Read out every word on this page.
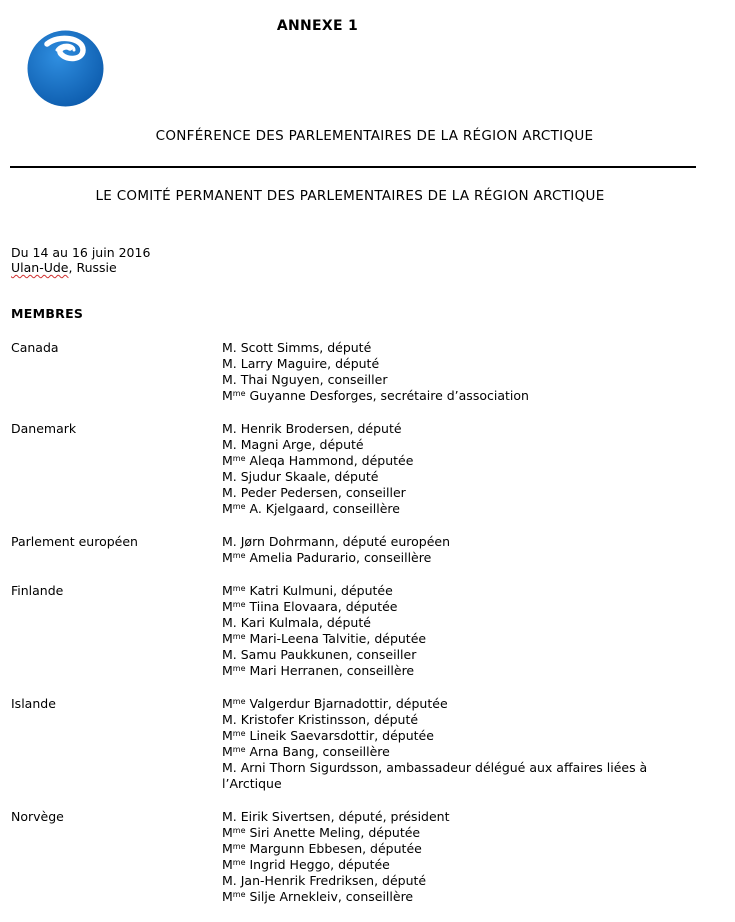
ANNEXE 1
CONFÉRENCE DES PARLEMENTAIRES DE LA RÉGION ARCTIQUE
LE COMITÉ PERMANENT DES PARLEMENTAIRES DE LA RÉGION ARCTIQUE
Du 14 au 16 juin 2016
Ulan-Ude, Russie
MEMBRES
Canada	M. Scott Simms, député
M. Larry Maguire, député
M. Thai Nguyen, conseiller
$M^{me}$ Guyanne Desforges, secrétaire d’association
Danemark	M. Henrik Brodersen, député
M. Magni Arge, député
$M^{me}$ Aleqa Hammond, députée
M. Sjudur Skaale, député
M. Peder Pedersen, conseiller
$M^{me}$ A. Kjelgaard, conseillère
Parlement européen	M. Jørn Dohrmann, député européen
$M^{me}$ Amelia Padurario, conseillère
Finlande	$M^{me}$ Katri Kulmuni, députée
$M^{me}$ Tiina Elovaara, députée
M. Kari Kulmala, député
$M^{me}$ Mari-Leena Talvitie, députée
M. Samu Paukkunen, conseiller
$M^{me}$ Mari Herranen, conseillère
Islande	$M^{me}$ Valgerdur Bjarnadottir, députée
M. Kristofer Kristinsson, député
$M^{me}$ Lineik Saevarsdottir, députée
$M^{me}$ Arna Bang, conseillère
M. Arni Thorn Sigurdsson, ambassadeur délégué aux affaires liées à l’Arctique
Norvège	M. Eirik Sivertsen, député, président
$M^{me}$ Siri Anette Meling, députée
$M^{me}$ Margunn Ebbesen, députée
$M^{me}$ Ingrid Heggo, députée
M. Jan-Henrik Fredriksen, député
$M^{me}$ Silje Arnekleiv, conseillère
